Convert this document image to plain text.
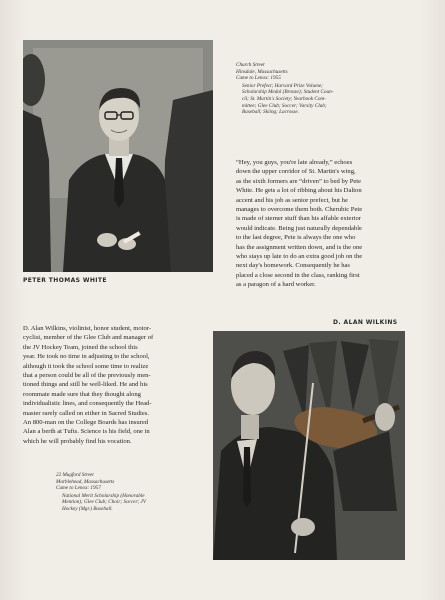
PETER THOMAS WHITE
Church Street
Hinsdale, Massachusetts
Came to Lenox: 1955
Senior Prefect; Harvard Prize Volume;
Scholarship Medal (Bronze); Student Coun-
cil; St. Martin's Society; Yearbook Com-
mittee; Glee Club; Soccer; Varsity Club;
Baseball; Skiing; Lacrosse.
“Hey, you guys, you're late already,” echoes
down the upper corridor of St. Martin's wing,
as the sixth formers are “driven” to bed by Pete
White. He gets a lot of ribbing about his Dalton
accent and his job as senior prefect, but he
manages to overcome them both. Cherubic Pete
is made of sterner stuff than his affable exterior
would indicate. Being just naturally dependable
to the last degree, Pete is always the one who
has the assignment written down, and is the one
who stays up late to do an extra good job on the
next day's homework. Consequently he has
placed a close second in the class, ranking first
as a paragon of a hard worker.
D. ALAN WILKINS
D. Alan Wilkins, violinist, honor student, motor-
cyclist, member of the Glee Club and manager of
the JV Hockey Team, joined the school this
year. He took no time in adjusting to the school,
although it took the school some time to realize
that a person could be all of the previously men-
tioned things and still be well-liked. He and his
roommate made sure that they thought along
individualistic lines, and consequently the Head-
master rarely called on either in Sacred Studies.
An 800-man on the College Boards has insured
Alan a berth at Tufts. Science is his field, one in
which he will probably find his vocation.
22 Mugford Street
Marblehead, Massachusetts
Came to Lenox: 1957
National Merit Scholarship (Honorable
Mention); Glee Club; Choir; Soccer; JV
Hockey (Mgr.) Baseball.
